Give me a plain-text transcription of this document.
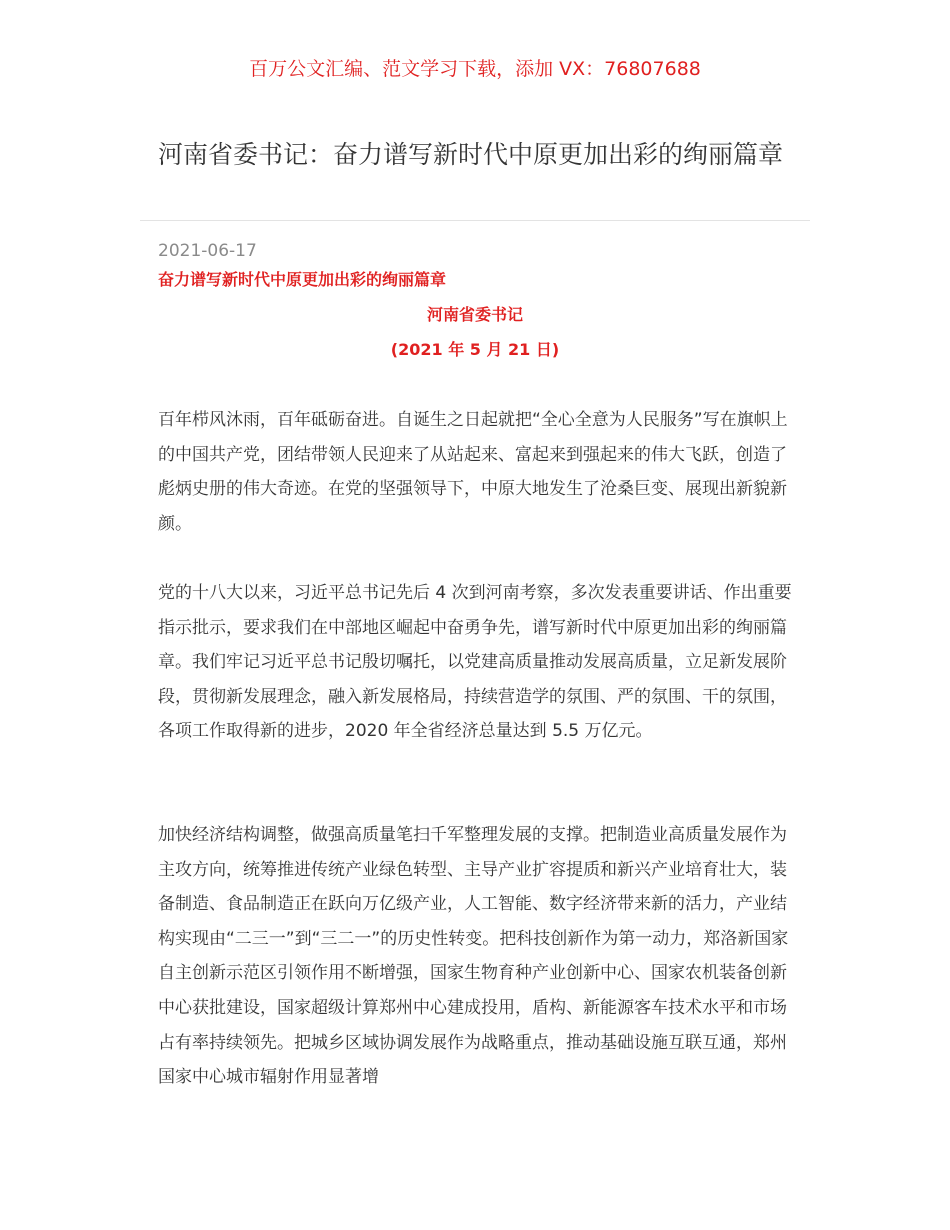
百万公文汇编、范文学习下载，添加 VX：76807688
河南省委书记：奋力谱写新时代中原更加出彩的绚丽篇章
2021-06-17
奋力谱写新时代中原更加出彩的绚丽篇章
河南省委书记
(2021 年 5 月 21 日)

百年栉风沐雨，百年砥砺奋进。自诞生之日起就把“全心全意为人民服务”写在旗帜上的中国共产党，团结带领人民迎来了从站起来、富起来到强起来的伟大飞跃，创造了彪炳史册的伟大奇迹。在党的坚强领导下，中原大地发生了沧桑巨变、展现出新貌新颜。

党的十八大以来，习近平总书记先后 4 次到河南考察，多次发表重要讲话、作出重要指示批示，要求我们在中部地区崛起中奋勇争先，谱写新时代中原更加出彩的绚丽篇章。我们牢记习近平总书记殷切嘱托，以党建高质量推动发展高质量，立足新发展阶段，贯彻新发展理念，融入新发展格局，持续营造学的氛围、严的氛围、干的氛围，各项工作取得新的进步，2020 年全省经济总量达到 5.5 万亿元。

加快经济结构调整，做强高质量笔扫千军整理发展的支撑。把制造业高质量发展作为主攻方向，统筹推进传统产业绿色转型、主导产业扩容提质和新兴产业培育壮大，装备制造、食品制造正在跃向万亿级产业，人工智能、数字经济带来新的活力，产业结构实现由“二三一”到“三二一”的历史性转变。把科技创新作为第一动力，郑洛新国家自主创新示范区引领作用不断增强，国家生物育种产业创新中心、国家农机装备创新中心获批建设，国家超级计算郑州中心建成投用，盾构、新能源客车技术水平和市场占有率持续领先。把城乡区域协调发展作为战略重点，推动基础设施互联互通，郑州国家中心城市辐射作用显著增
